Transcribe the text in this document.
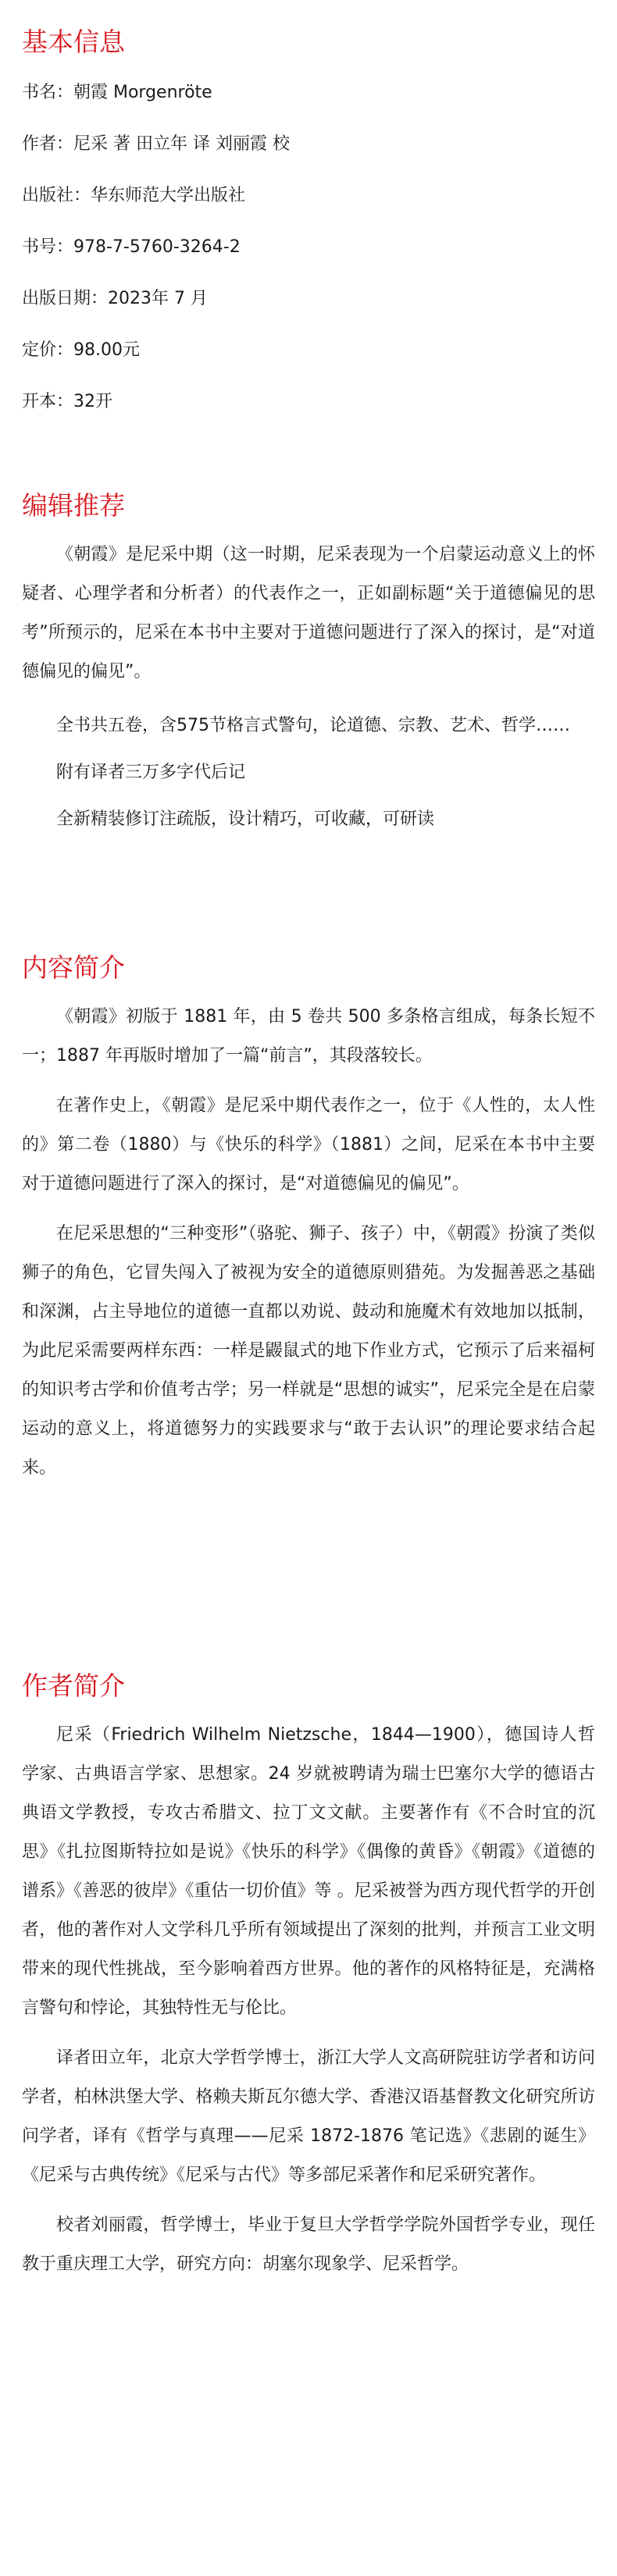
基本信息

书名：朝霞 Morgenröte

作者：尼采 著 田立年 译 刘丽霞 校

出版社：华东师范大学出版社

书号：978-7-5760-3264-2

出版日期：2023年 7 月

定价：98.00元

开本：32开

编辑推荐

《朝霞》是尼采中期（这一时期，尼采表现为一个启蒙运动意义上的怀疑者、心理学者和分析者）的代表作之一，正如副标题“关于道德偏见的思考”所预示的，尼采在本书中主要对于道德问题进行了深入的探讨，是“对道德偏见的偏见”。

全书共五卷，含575节格言式警句，论道德、宗教、艺术、哲学……

附有译者三万多字代后记

全新精装修订注疏版，设计精巧，可收藏，可研读

内容简介

《朝霞》初版于 1881 年，由 5 卷共 500 多条格言组成，每条长短不一；1887 年再版时增加了一篇“前言”，其段落较长。

在著作史上，《朝霞》是尼采中期代表作之一，位于《人性的，太人性的》第二卷（1880）与《快乐的科学》（1881）之间，尼采在本书中主要对于道德问题进行了深入的探讨，是“对道德偏见的偏见”。

在尼采思想的“三种变形”（骆驼、狮子、孩子）中，《朝霞》扮演了类似狮子的角色，它冒失闯入了被视为安全的道德原则猎苑。为发掘善恶之基础和深渊，占主导地位的道德一直都以劝说、鼓动和施魔术有效地加以抵制，为此尼采需要两样东西：一样是鼹鼠式的地下作业方式，它预示了后来福柯的知识考古学和价值考古学；另一样就是“思想的诚实”，尼采完全是在启蒙运动的意义上，将道德努力的实践要求与“敢于去认识”的理论要求结合起来。

作者简介

尼采（Friedrich Wilhelm Nietzsche，1844—1900），德国诗人哲学家、古典语言学家、思想家。24 岁就被聘请为瑞士巴塞尔大学的德语古典语文学教授，专攻古希腊文、拉丁文文献。主要著作有《不合时宜的沉思》《扎拉图斯特拉如是说》《快乐的科学》《偶像的黄昏》《朝霞》《道德的谱系》《善恶的彼岸》《重估一切价值》等 。尼采被誉为西方现代哲学的开创者，他的著作对人文学科几乎所有领域提出了深刻的批判，并预言工业文明带来的现代性挑战，至今影响着西方世界。他的著作的风格特征是，充满格言警句和悖论，其独特性无与伦比。

译者田立年，北京大学哲学博士，浙江大学人文高研院驻访学者和访问学者，柏林洪堡大学、格赖夫斯瓦尔德大学、香港汉语基督教文化研究所访问学者，译有《哲学与真理——尼采 1872-1876 笔记选》《悲剧的诞生》《尼采与古典传统》《尼采与古代》等多部尼采著作和尼采研究著作。

校者刘丽霞，哲学博士，毕业于复旦大学哲学学院外国哲学专业，现任教于重庆理工大学，研究方向：胡塞尔现象学、尼采哲学。
